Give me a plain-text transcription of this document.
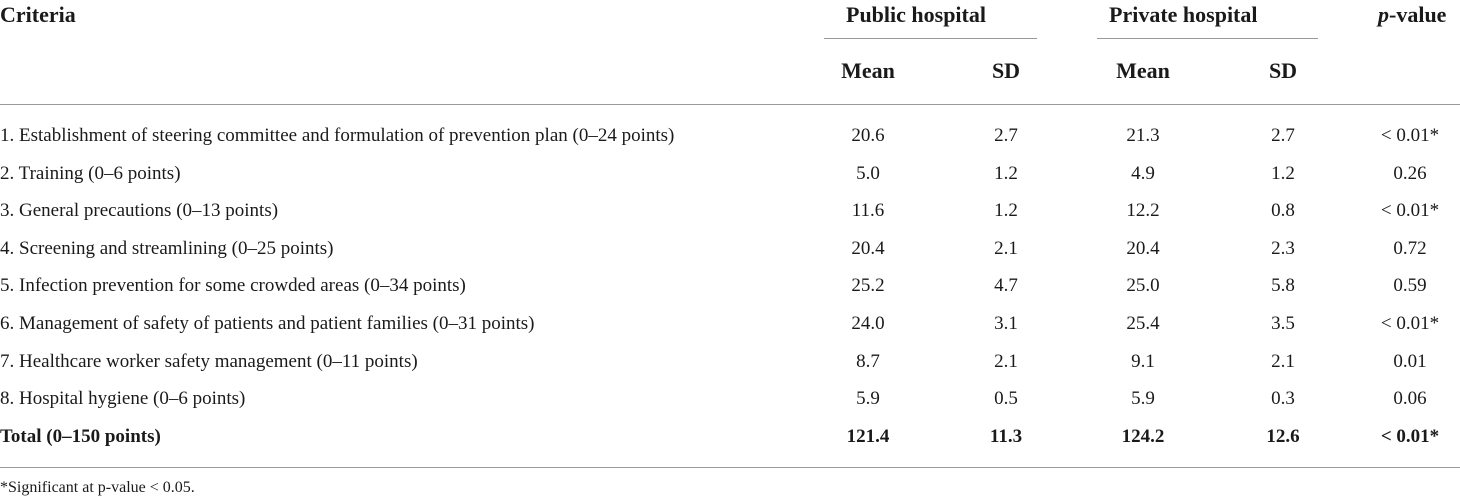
Criteria	Public hospital	Private hospital	p-value
Mean	SD	Mean	SD
1. Establishment of steering committee and formulation of prevention plan (0–24 points)	20.6	2.7	21.3	2.7	< 0.01*
2. Training (0–6 points)	5.0	1.2	4.9	1.2	0.26
3. General precautions (0–13 points)	11.6	1.2	12.2	0.8	< 0.01*
4. Screening and streamlining (0–25 points)	20.4	2.1	20.4	2.3	0.72
5. Infection prevention for some crowded areas (0–34 points)	25.2	4.7	25.0	5.8	0.59
6. Management of safety of patients and patient families (0–31 points)	24.0	3.1	25.4	3.5	< 0.01*
7. Healthcare worker safety management (0–11 points)	8.7	2.1	9.1	2.1	0.01
8. Hospital hygiene (0–6 points)	5.9	0.5	5.9	0.3	0.06
Total (0–150 points)	121.4	11.3	124.2	12.6	< 0.01*
*Significant at p-value < 0.05.
